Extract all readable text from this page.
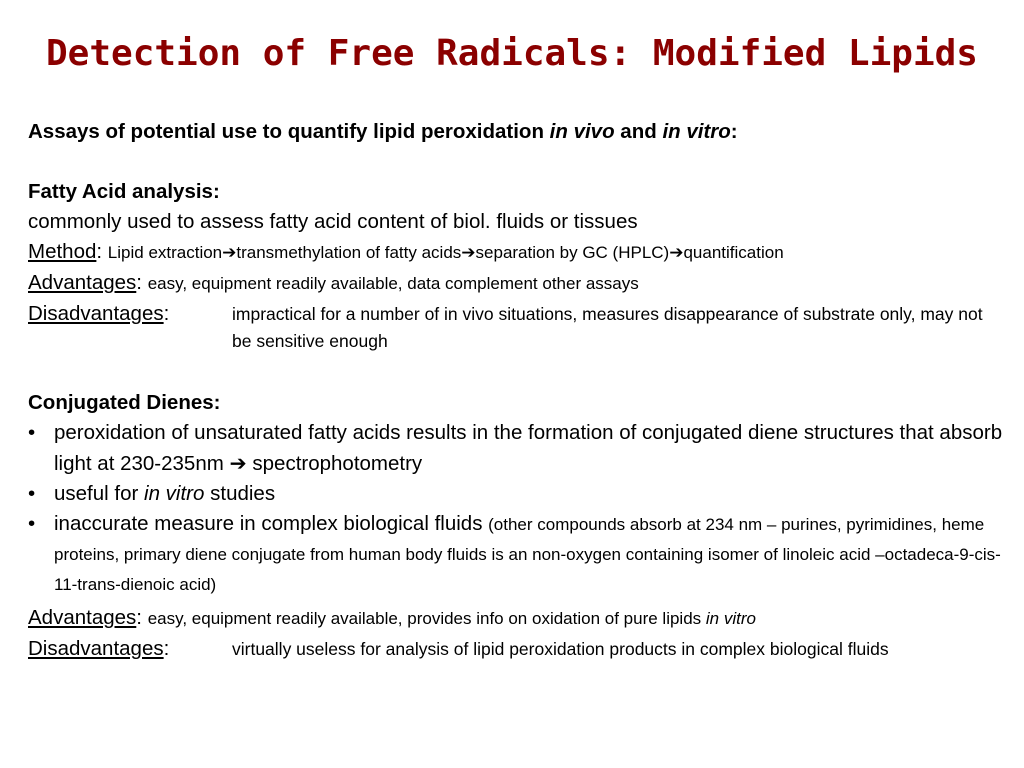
Detection of Free Radicals: Modified Lipids
Assays of potential use to quantify lipid peroxidation in vivo and in vitro:
Fatty Acid analysis:
commonly used to assess fatty acid content of biol. fluids or tissues
Method: Lipid extraction➔transmethylation of fatty acids➔separation by GC (HPLC)➔quantification
Advantages: easy, equipment readily available, data complement other assays
Disadvantages:	impractical for a number of in vivo situations, measures disappearance of substrate only, may not be sensitive enough
Conjugated Dienes:
• peroxidation of unsaturated fatty acids results in the formation of conjugated diene structures that absorb light at 230-235nm ➔ spectrophotometry
• useful for in vitro studies
• inaccurate measure in complex biological fluids (other compounds absorb at 234 nm – purines, pyrimidines, heme proteins, primary diene conjugate from human body fluids is an non-oxygen containing isomer of linoleic acid –octadeca-9-cis-11-trans-dienoic acid)
Advantages: easy, equipment readily available, provides info on oxidation of pure lipids in vitro
Disadvantages:	virtually useless for analysis of lipid peroxidation products in complex biological fluids
